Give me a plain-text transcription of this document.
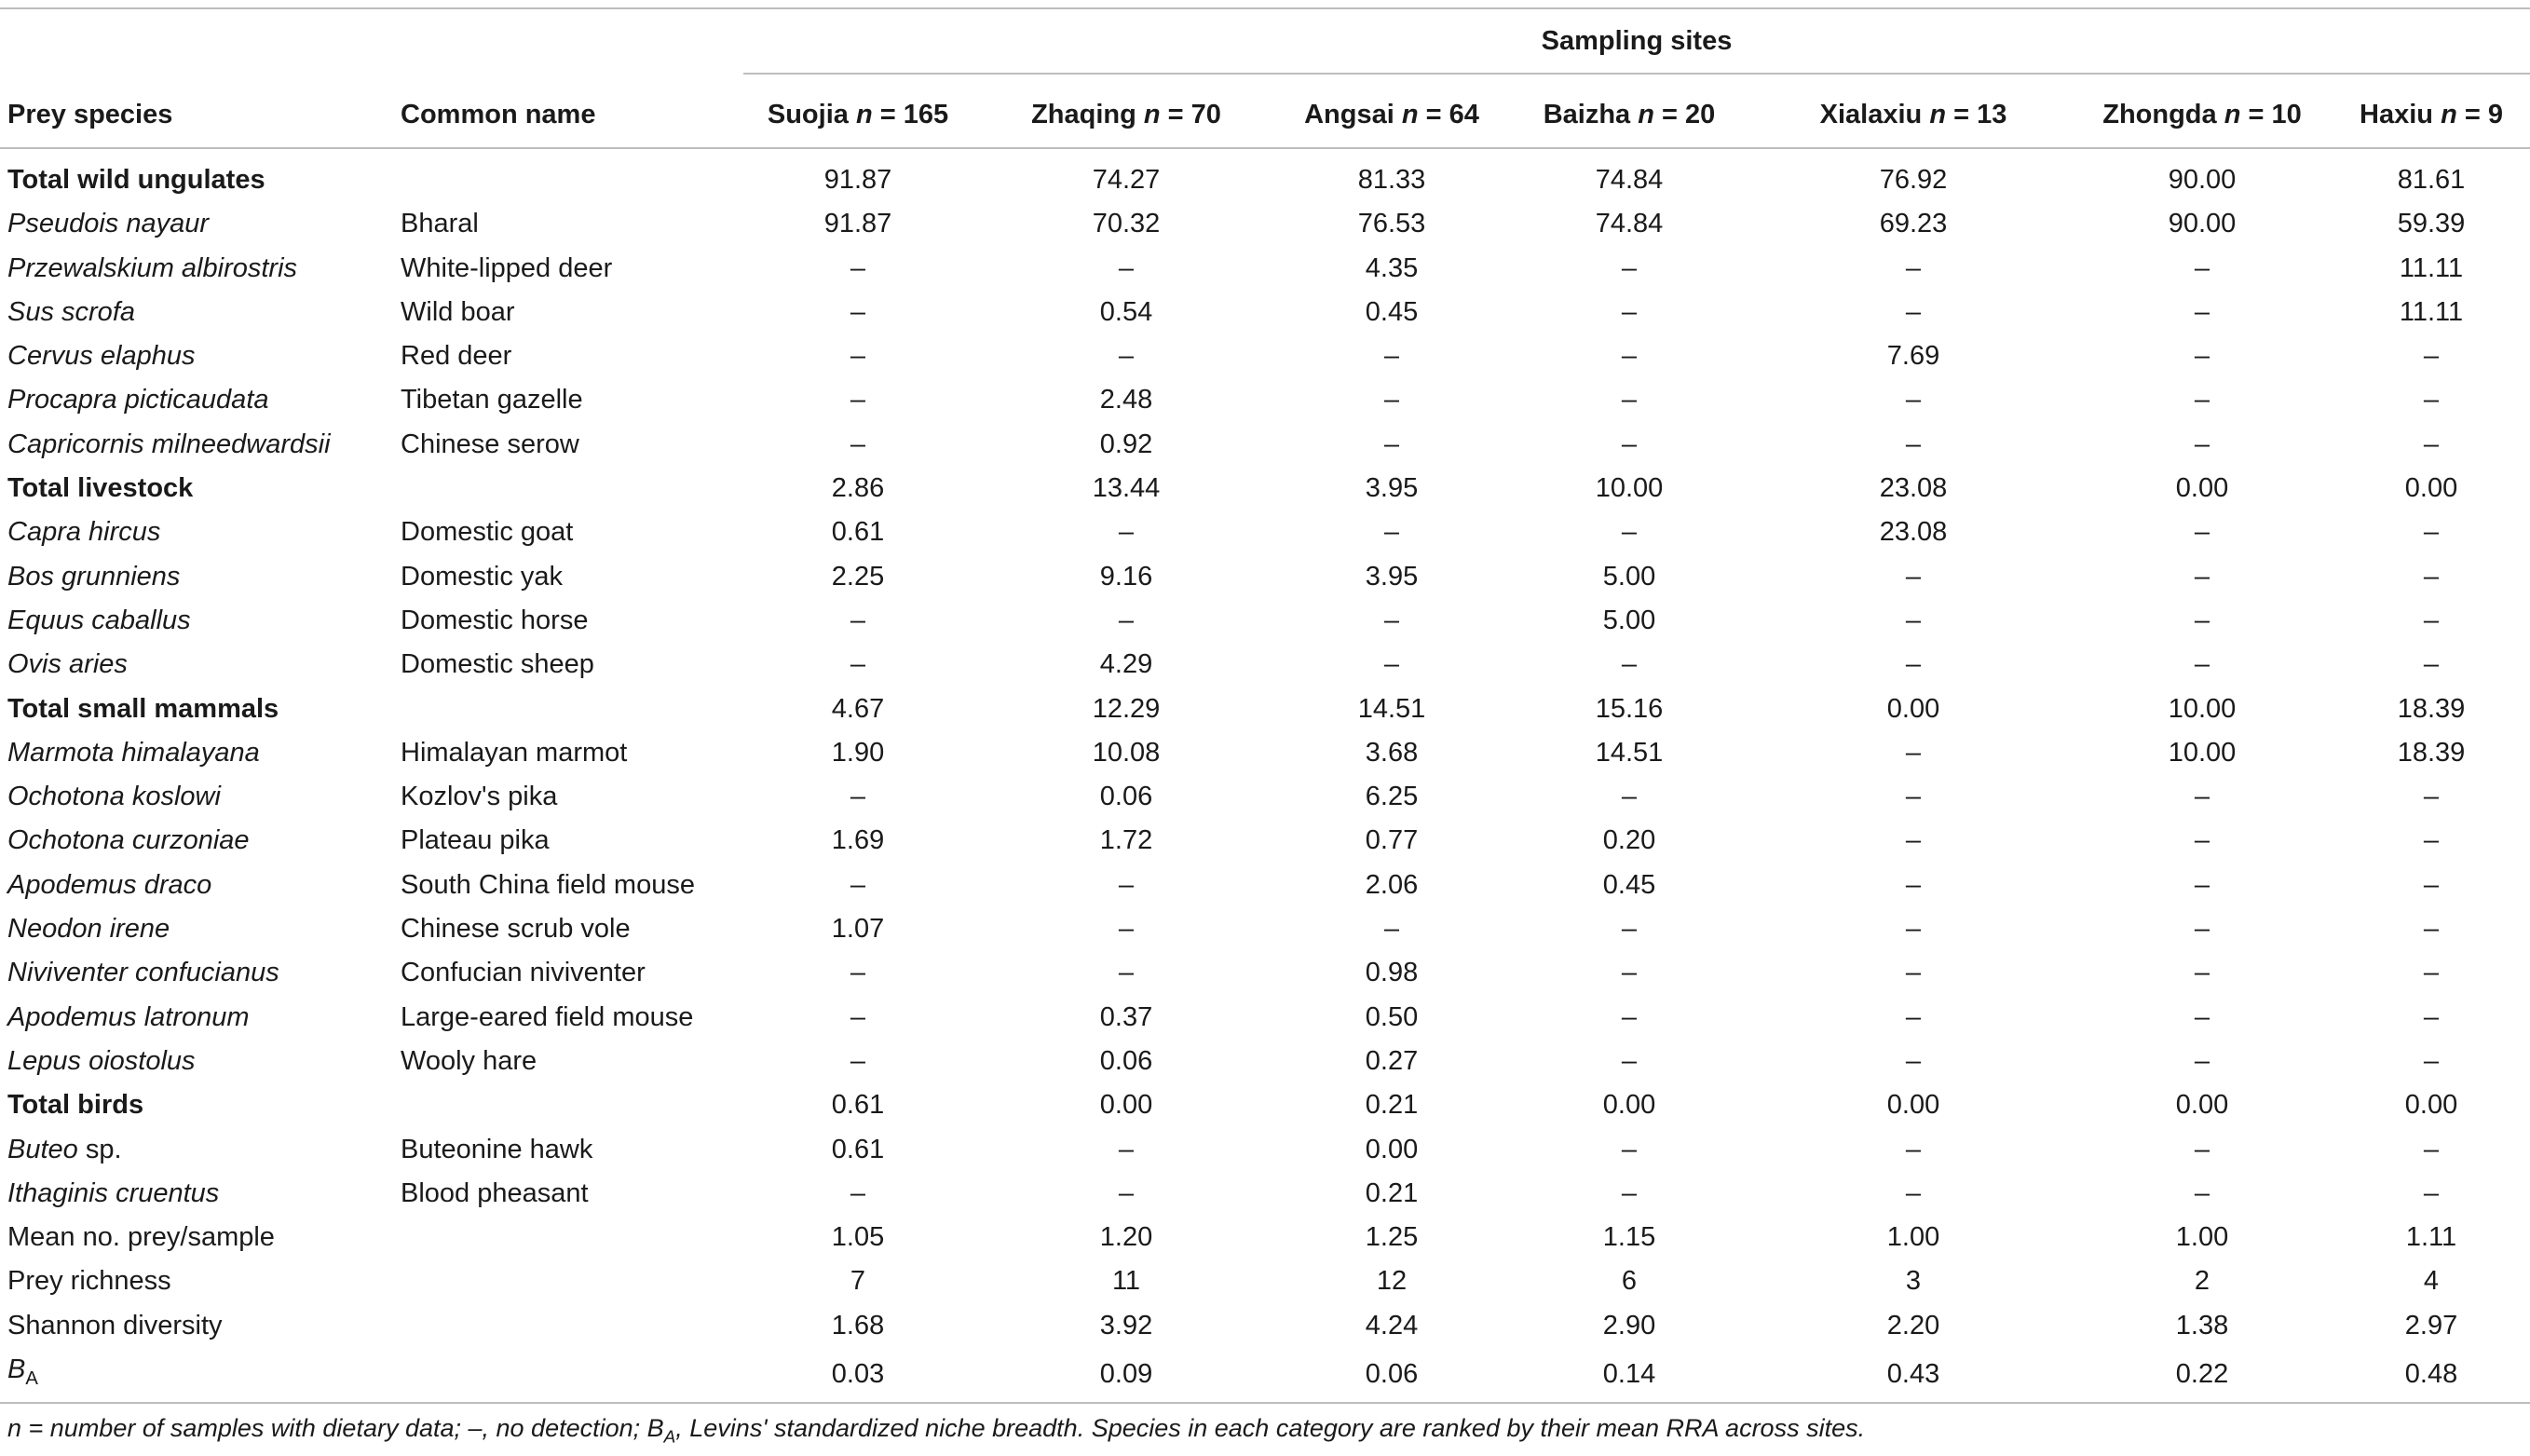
Sampling sites
Prey species	Common name	Suojia n = 165	Zhaqing n = 70	Angsai n = 64	Baizha n = 20	Xialaxiu n = 13	Zhongda n = 10	Haxiu n = 9
Total wild ungulates		91.87	74.27	81.33	74.84	76.92	90.00	81.61
Pseudois nayaur	Bharal	91.87	70.32	76.53	74.84	69.23	90.00	59.39
Przewalskium albirostris	White-lipped deer	–	–	4.35	–	–	–	11.11
Sus scrofa	Wild boar	–	0.54	0.45	–	–	–	11.11
Cervus elaphus	Red deer	–	–	–	–	7.69	–	–
Procapra picticaudata	Tibetan gazelle	–	2.48	–	–	–	–	–
Capricornis milneedwardsii	Chinese serow	–	0.92	–	–	–	–	–
Total livestock		2.86	13.44	3.95	10.00	23.08	0.00	0.00
Capra hircus	Domestic goat	0.61	–	–	–	23.08	–	–
Bos grunniens	Domestic yak	2.25	9.16	3.95	5.00	–	–	–
Equus caballus	Domestic horse	–	–	–	5.00	–	–	–
Ovis aries	Domestic sheep	–	4.29	–	–	–	–	–
Total small mammals		4.67	12.29	14.51	15.16	0.00	10.00	18.39
Marmota himalayana	Himalayan marmot	1.90	10.08	3.68	14.51	–	10.00	18.39
Ochotona koslowi	Kozlov's pika	–	0.06	6.25	–	–	–	–
Ochotona curzoniae	Plateau pika	1.69	1.72	0.77	0.20	–	–	–
Apodemus draco	South China field mouse	–	–	2.06	0.45	–	–	–
Neodon irene	Chinese scrub vole	1.07	–	–	–	–	–	–
Niviventer confucianus	Confucian niviventer	–	–	0.98	–	–	–	–
Apodemus latronum	Large-eared field mouse	–	0.37	0.50	–	–	–	–
Lepus oiostolus	Wooly hare	–	0.06	0.27	–	–	–	–
Total birds		0.61	0.00	0.21	0.00	0.00	0.00	0.00
Buteo sp.	Buteonine hawk	0.61	–	0.00	–	–	–	–
Ithaginis cruentus	Blood pheasant	–	–	0.21	–	–	–	–
Mean no. prey/sample		1.05	1.20	1.25	1.15	1.00	1.00	1.11
Prey richness		7	11	12	6	3	2	4
Shannon diversity		1.68	3.92	4.24	2.90	2.20	1.38	2.97
$B_A$		0.03	0.09	0.06	0.14	0.43	0.22	0.48
n = number of samples with dietary data; –, no detection; $B_A$, Levins' standardized niche breadth. Species in each category are ranked by their mean RRA across sites.
